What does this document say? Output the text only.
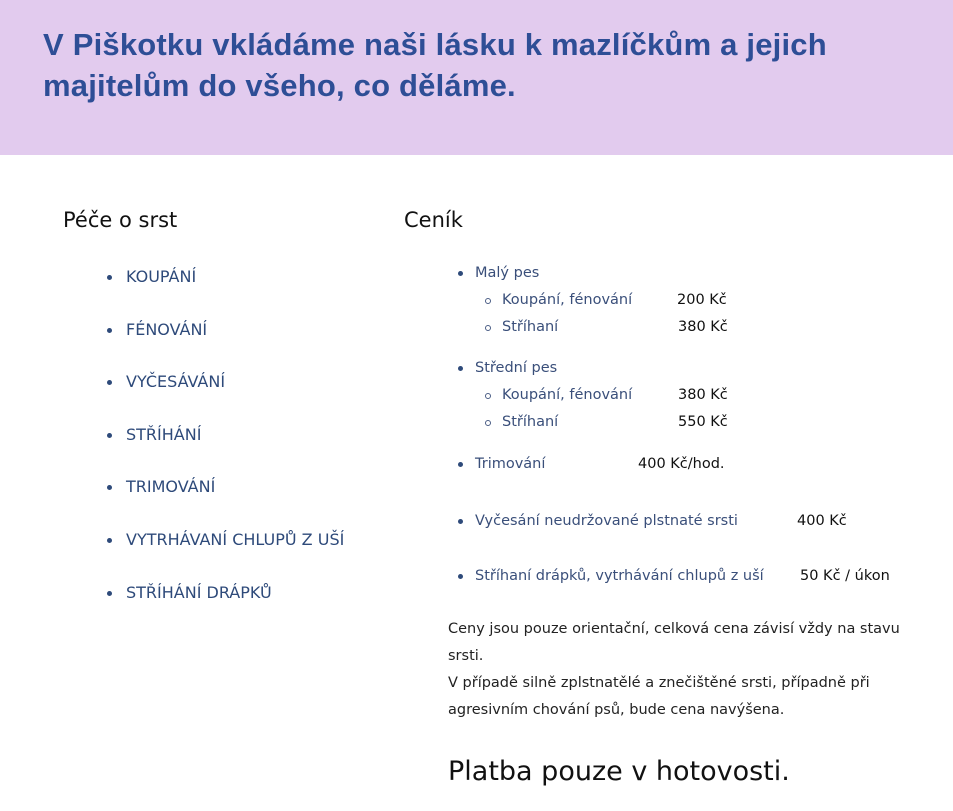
V Piškotku vkládáme naši lásku k mazlíčkům a jejich majitelům do všeho, co děláme.
Péče o srst
KOUPÁNÍ
FÉNOVÁNÍ
VYČESÁVÁNÍ
STŘÍHÁNÍ
TRIMOVÁNÍ
VYTRHÁVANÍ CHLUPŮ Z UŠÍ
STŘÍHÁNÍ DRÁPKŮ
Ceník
Malý pes
Koupání, fénování	200 Kč
Stříhaní	380 Kč
Střední pes
Koupání, fénování	380 Kč
Stříhaní	550 Kč
Trimování	400 Kč/hod.
Vyčesání neudržované plstnaté srsti	400 Kč
Stříhaní drápků, vytrhávání chlupů z uší	50 Kč / úkon

Ceny jsou pouze orientační, celková cena závisí vždy na stavu srsti.

V případě silně zplstnatělé a znečištěné srsti, případně při agresivním chování psů, bude cena navýšena.

Platba pouze v hotovosti.
